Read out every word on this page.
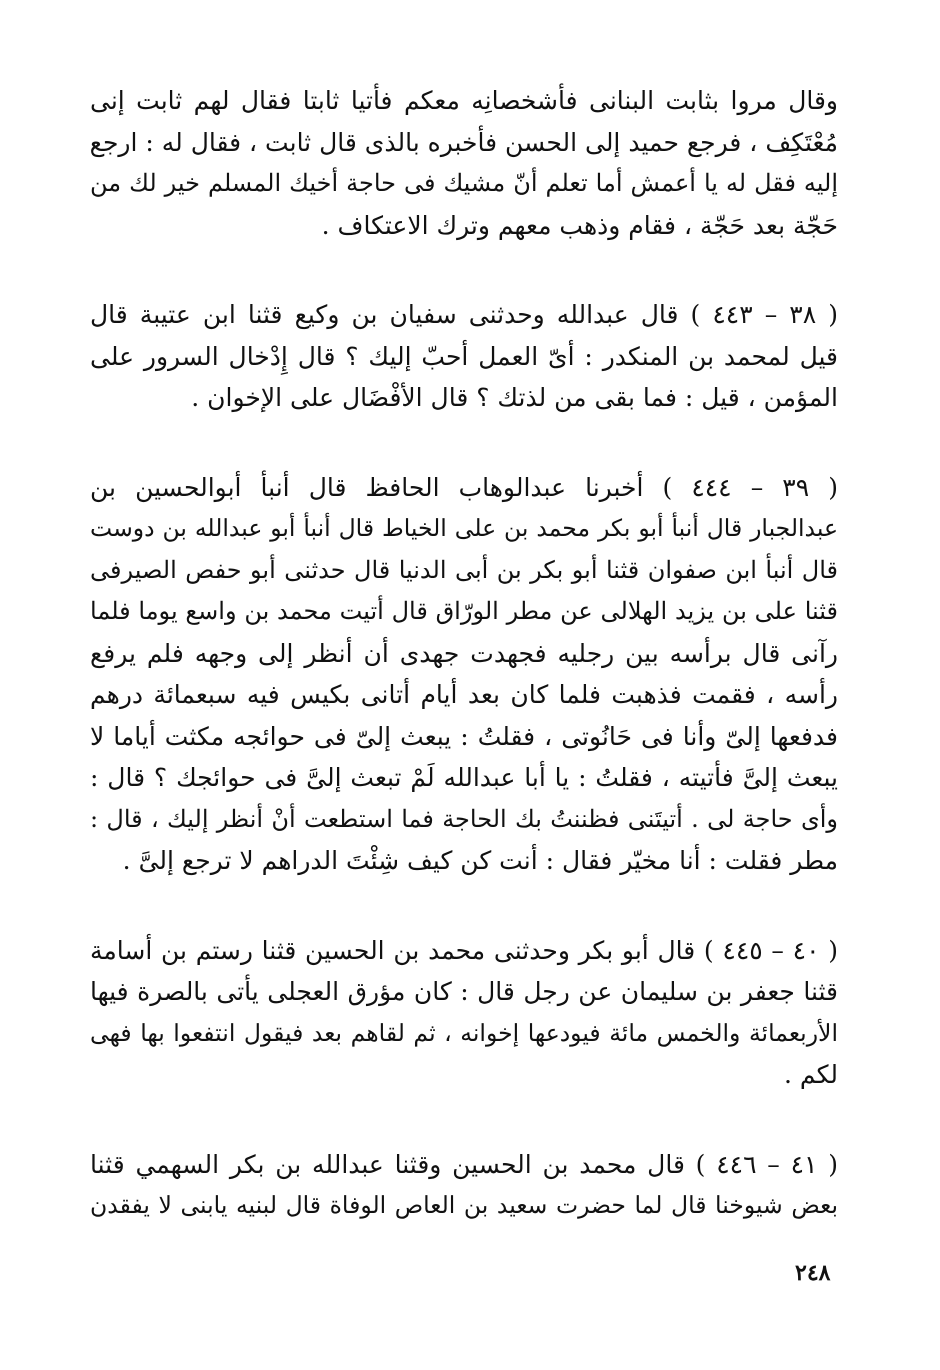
وقال مروا بثابت البنانى فأشخصانِه معكم فأتيا ثابتا فقال لهم ثابت إنى
مُعْتَكِف ، فرجع حميد إلى الحسن فأخبره بالذى قال ثابت ، فقال له : ارجع
إليه فقل له يا أعمش أما تعلم أنّ مشيك فى حاجة أخيك المسلم خير لك من
حَجّة بعد حَجّة ، فقام وذهب معهم وترك الاعتكاف .
( ٣٨ – ٤٤٣ ) قال عبدالله وحدثنى سفيان بن وكيع قثنا ابن عتيبة قال
قيل لمحمد بن المنكدر : أىّ العمل أحبّ إليك ؟ قال إِدْخال السرور على
المؤمن ، قيل : فما بقى من لذتك ؟ قال الأفْضَال على الإخوان .
( ٣٩ – ٤٤٤ ) أخبرنا عبدالوهاب الحافظ قال أنبأ أبوالحسين بن
عبدالجبار قال أنبأ أبو بكر محمد بن على الخياط قال أنبأ أبو عبدالله بن دوست
قال أنبأ ابن صفوان قثنا أبو بكر بن أبى الدنيا قال حدثنى أبو حفص الصيرفى
قثنا على بن يزيد الهلالى عن مطر الورّاق قال أتيت محمد بن واسع يوما فلما
رآنى قال برأسه بين رجليه فجهدت جهدى أن أنظر إلى وجهه فلم يرفع
رأسه ، فقمت فذهبت فلما كان بعد أيام أتانى بكيس فيه سبعمائة درهم
فدفعها إلىّ وأنا فى حَانُوتى ، فقلتُ : يبعث إلىّ فى حوائجه مكثت أياما لا
يبعث إلىَّ فأتيته ، فقلتُ : يا أبا عبدالله لَمْ تبعث إلىَّ فى حوائجك ؟ قال :
وأى حاجة لى . أتيتَنى فظننتُ بك الحاجة فما استطعت أنْ أنظر إليك ، قال :
مطر فقلت : أنا مخيّر فقال : أنت كن كيف شِئْتَ الدراهم لا ترجع إلىَّ .
( ٤٠ – ٤٤٥ ) قال أبو بكر وحدثنى محمد بن الحسين قثنا رستم بن أسامة
قثنا جعفر بن سليمان عن رجل قال : كان مؤرق العجلى يأتى بالصرة فيها
الأربعمائة والخمس مائة فيودعها إخوانه ، ثم لقاهم بعد فيقول انتفعوا بها فهى
لكم .
( ٤١ – ٤٤٦ ) قال محمد بن الحسين وقثنا عبدالله بن بكر السهمي قثنا
بعض شيوخنا قال لما حضرت سعيد بن العاص الوفاة قال لبنيه يابنى لا يفقدن
٢٤٨
